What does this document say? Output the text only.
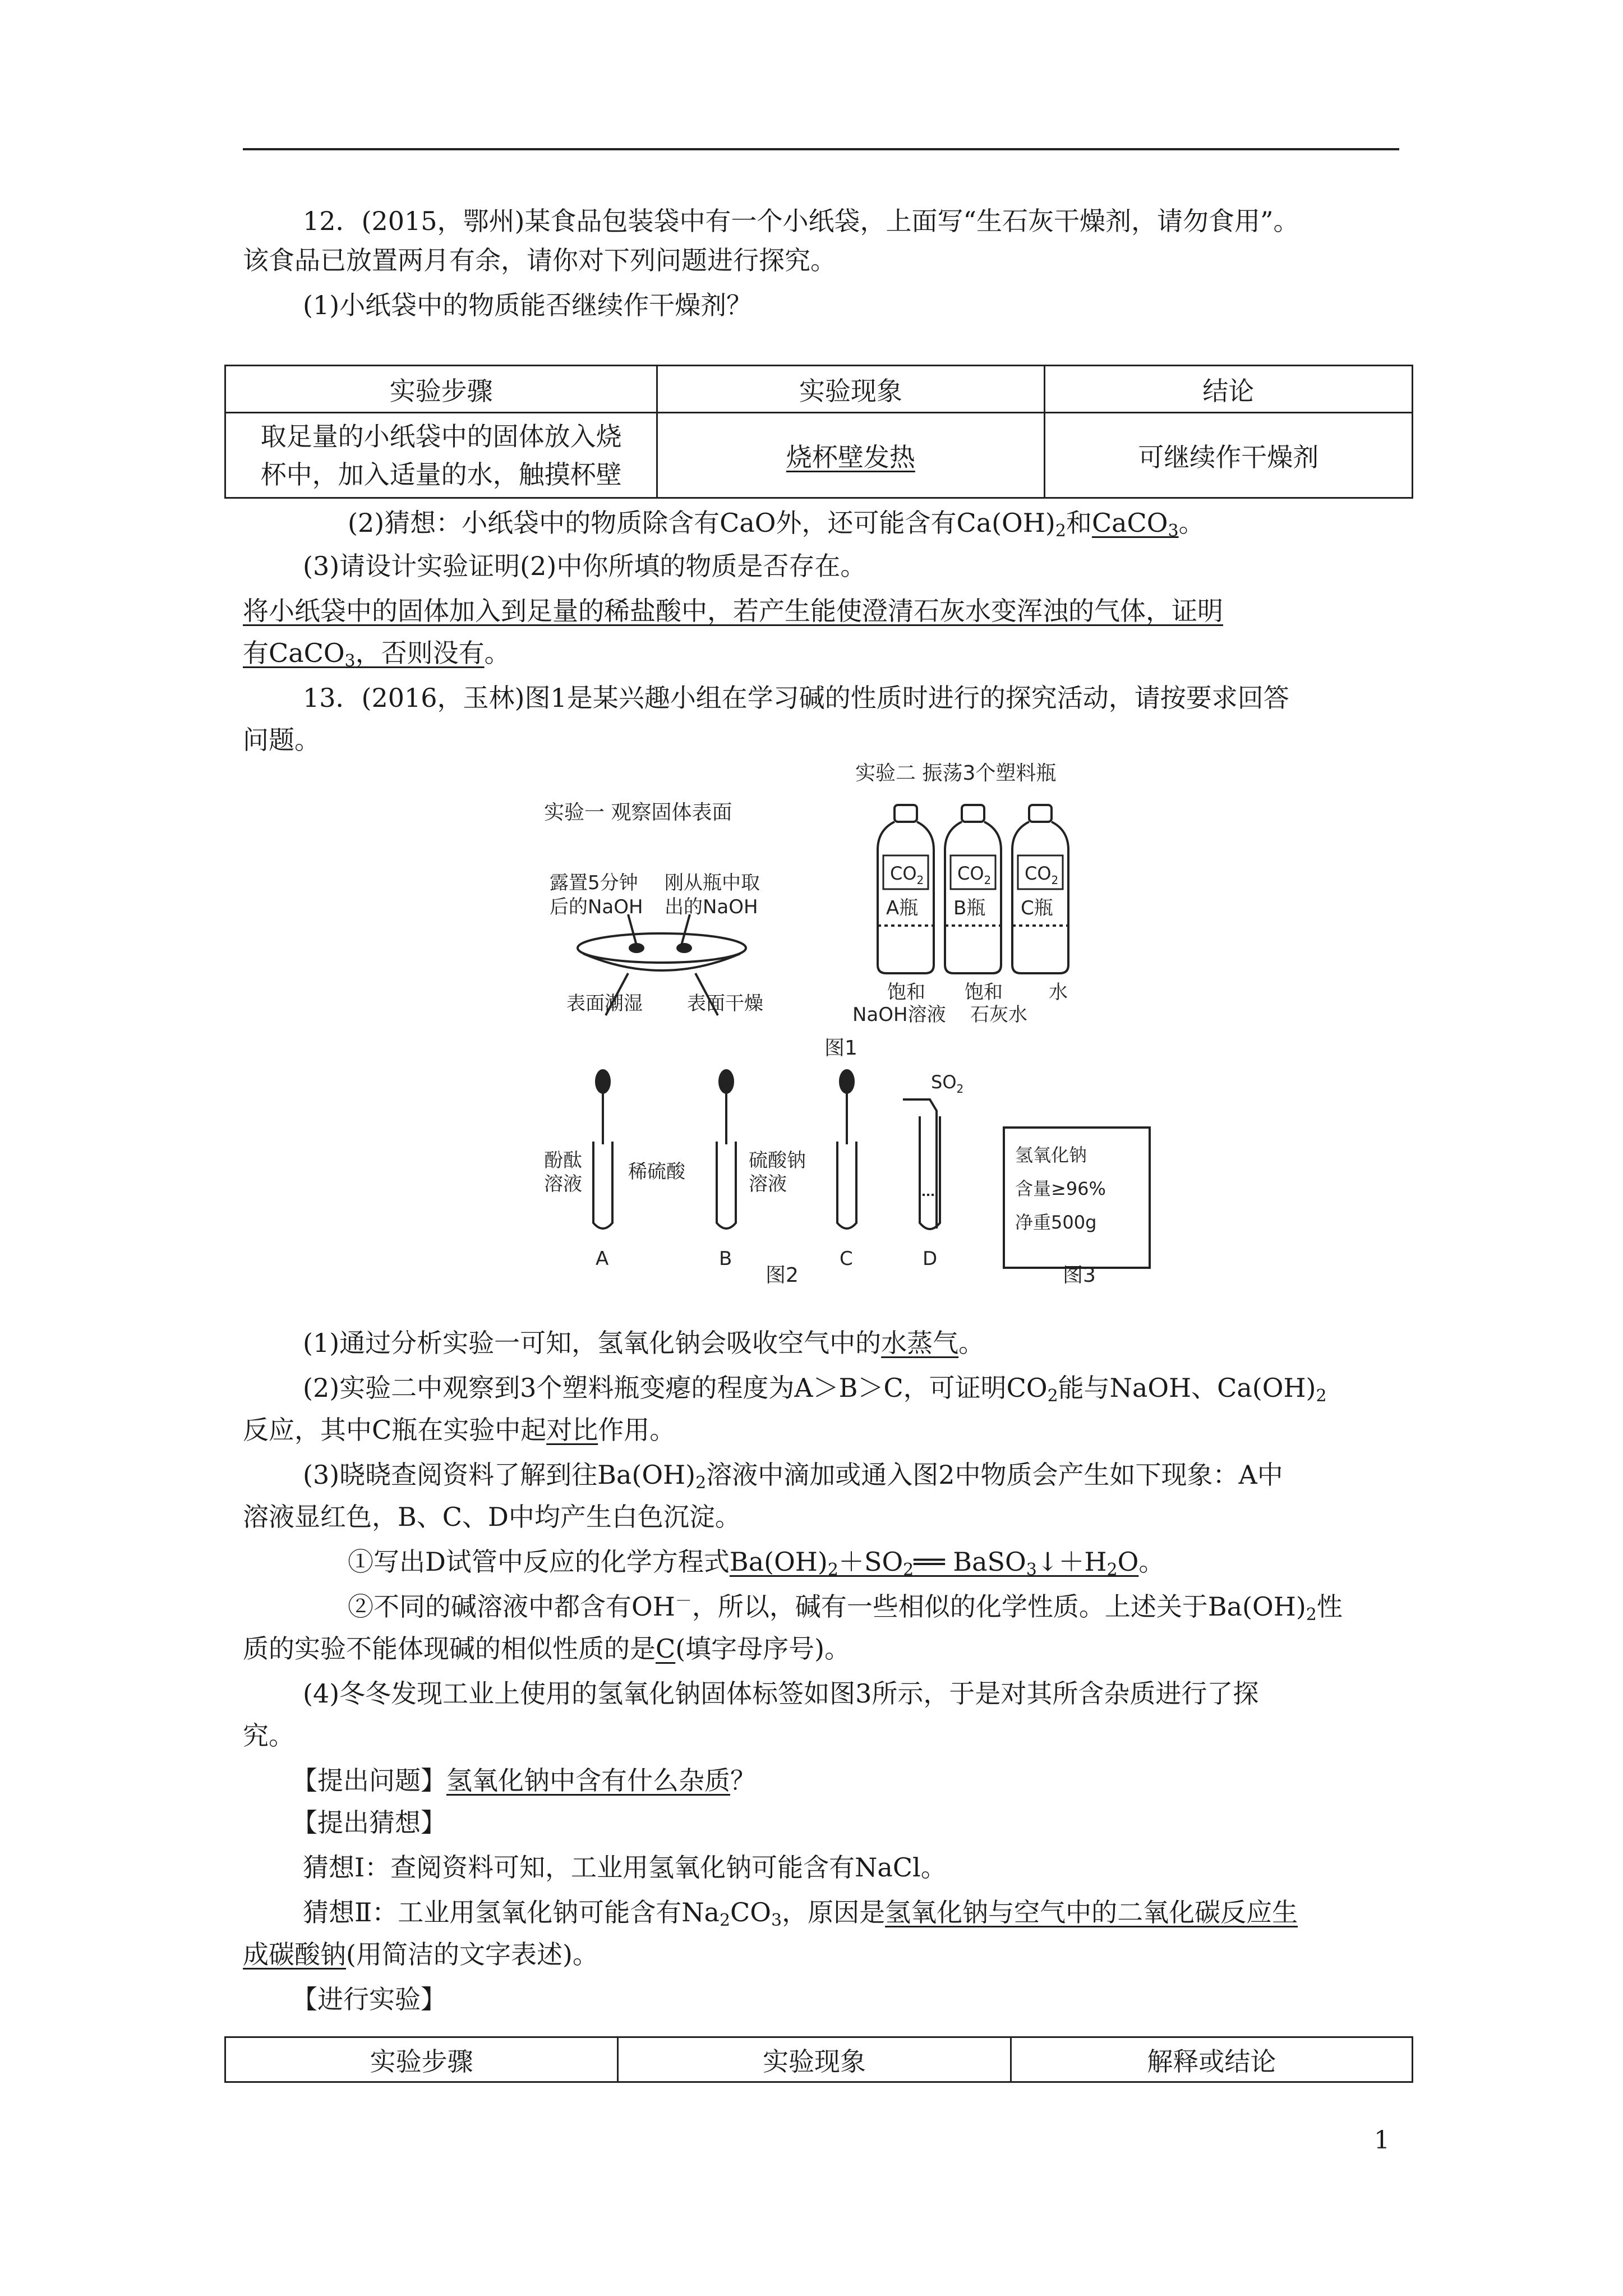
12．(2015，鄂州)某食品包装袋中有一个小纸袋，上面写“生石灰干燥剂，请勿食用”。
该食品已放置两月有余，请你对下列问题进行探究。
(1)小纸袋中的物质能否继续作干燥剂？
实验步骤	实验现象	结论

取足量的小纸袋中的固体放入烧
杯中，加入适量的水，触摸杯壁	烧杯壁发热	可继续作干燥剂
(2)猜想：小纸袋中的物质除含有CaO外，还可能含有$Ca(OH)_2$和CaCO$_3$。
(3)请设计实验证明(2)中你所填的物质是否存在。
将小纸袋中的固体加入到足量的稀盐酸中，若产生能使澄清石灰水变浑浊的气体，证明
有CaCO$_3$，否则没有。
13．(2016，玉林)图1是某兴趣小组在学习碱的性质时进行的探究活动，请按要求回答
问题。
实验一 观察固体表面
露置5分钟
后的NaOH
刚从瓶中取
出的NaOH
表面潮湿 表面干燥
实验二 振荡3个塑料瓶
$CO_2$ $CO_2$ $CO_2$
A瓶 B瓶 C瓶
饱和 饱和 水
NaOH溶液 石灰水
图1
$SO_2$
酚酞
溶液
稀硫酸	硫酸钠
溶液
A	B	C	D
图2
氢氧化钠
含量≥96%
净重500g
图3
(1)通过分析实验一可知，氢氧化钠会吸收空气中的水蒸气。
(2)实验二中观察到3个塑料瓶变瘪的程度为A＞B＞C，可证明$CO_2$能与NaOH、$Ca(OH)_2$
反应，其中C瓶在实验中起对比作用。
(3)晓晓查阅资料了解到往$Ba(OH)_2$溶液中滴加或通入图2中物质会产生如下现象：A中
溶液显红色，B、C、D中均产生白色沉淀。
①写出D试管中反应的化学方程式$Ba(OH)_2+SO_2══$ $BaSO_3↓+H_2O$。
②不同的碱溶液中都含有OH－，所以，碱有一些相似的化学性质。上述关于$Ba(OH)_2$性
质的实验不能体现碱的相似性质的是C(填字母序号)。
(4)冬冬发现工业上使用的氢氧化钠固体标签如图3所示，于是对其所含杂质进行了探
究。
【提出问题】氢氧化钠中含有什么杂质？
【提出猜想】
猜想Ⅰ：查阅资料可知，工业用氢氧化钠可能含有NaCl。
猜想Ⅱ：工业用氢氧化钠可能含有$Na_2CO_3$，原因是氢氧化钠与空气中的二氧化碳反应生
成碳酸钠(用简洁的文字表述)。
【进行实验】
实验步骤	实验现象	解释或结论
1
